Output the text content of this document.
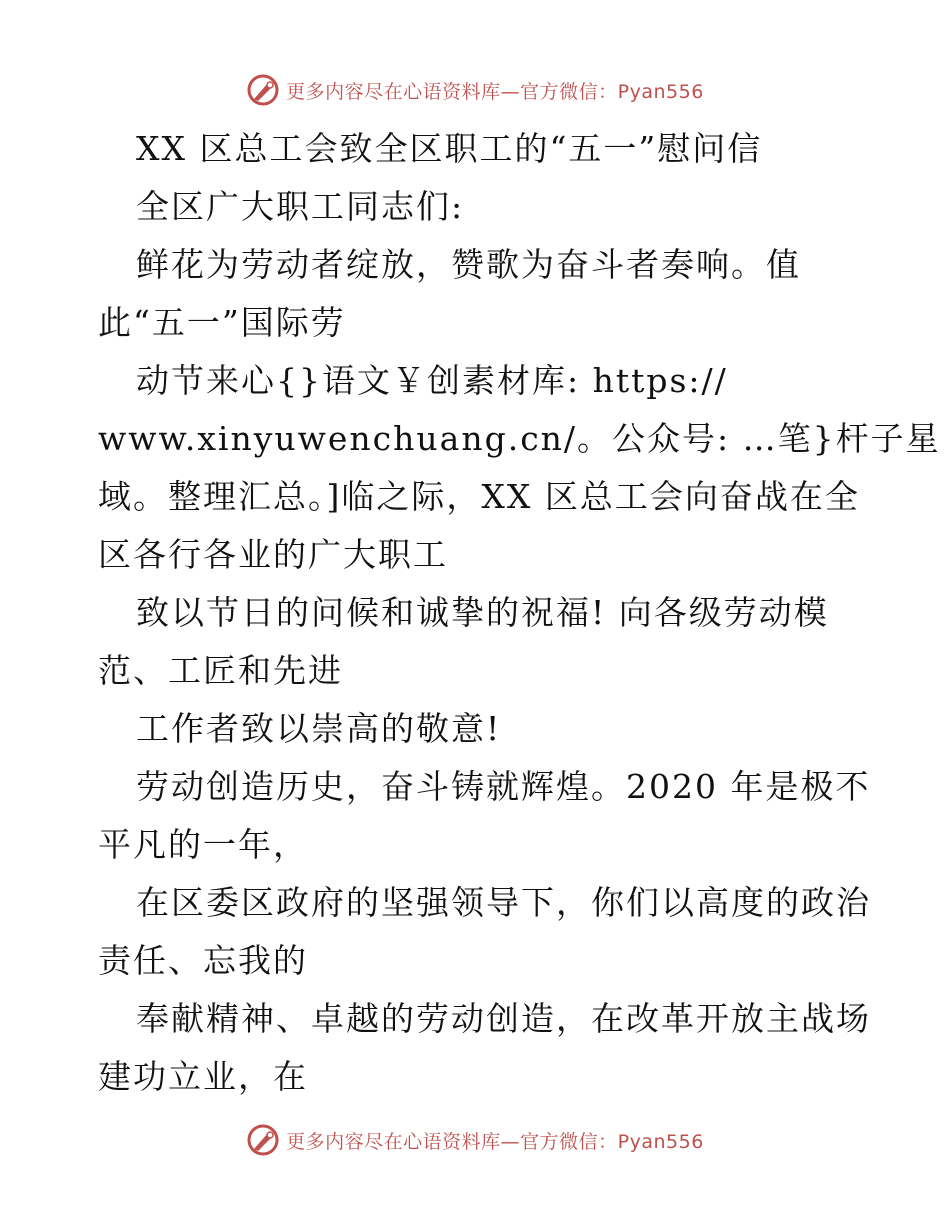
更多内容尽在心语资料库—官方微信：Pyan556
XX 区总工会致全区职工的“五一”慰问信
全区广大职工同志们:
鲜花为劳动者绽放，赞歌为奋斗者奏响。值
此“五一”国际劳
动节来心{}语文￥创素材库: https://
www.xinyuwenchuang.cn/。公众号: …笔}杆子星
域。整理汇总。]临之际，XX 区总工会向奋战在全
区各行各业的广大职工
致以节日的问候和诚挚的祝福! 向各级劳动模
范、工匠和先进
工作者致以崇高的敬意!
劳动创造历史，奋斗铸就辉煌。2020 年是极不
平凡的一年，
在区委区政府的坚强领导下，你们以高度的政治
责任、忘我的
奉献精神、卓越的劳动创造，在改革开放主战场
建功立业，在
更多内容尽在心语资料库—官方微信：Pyan556
